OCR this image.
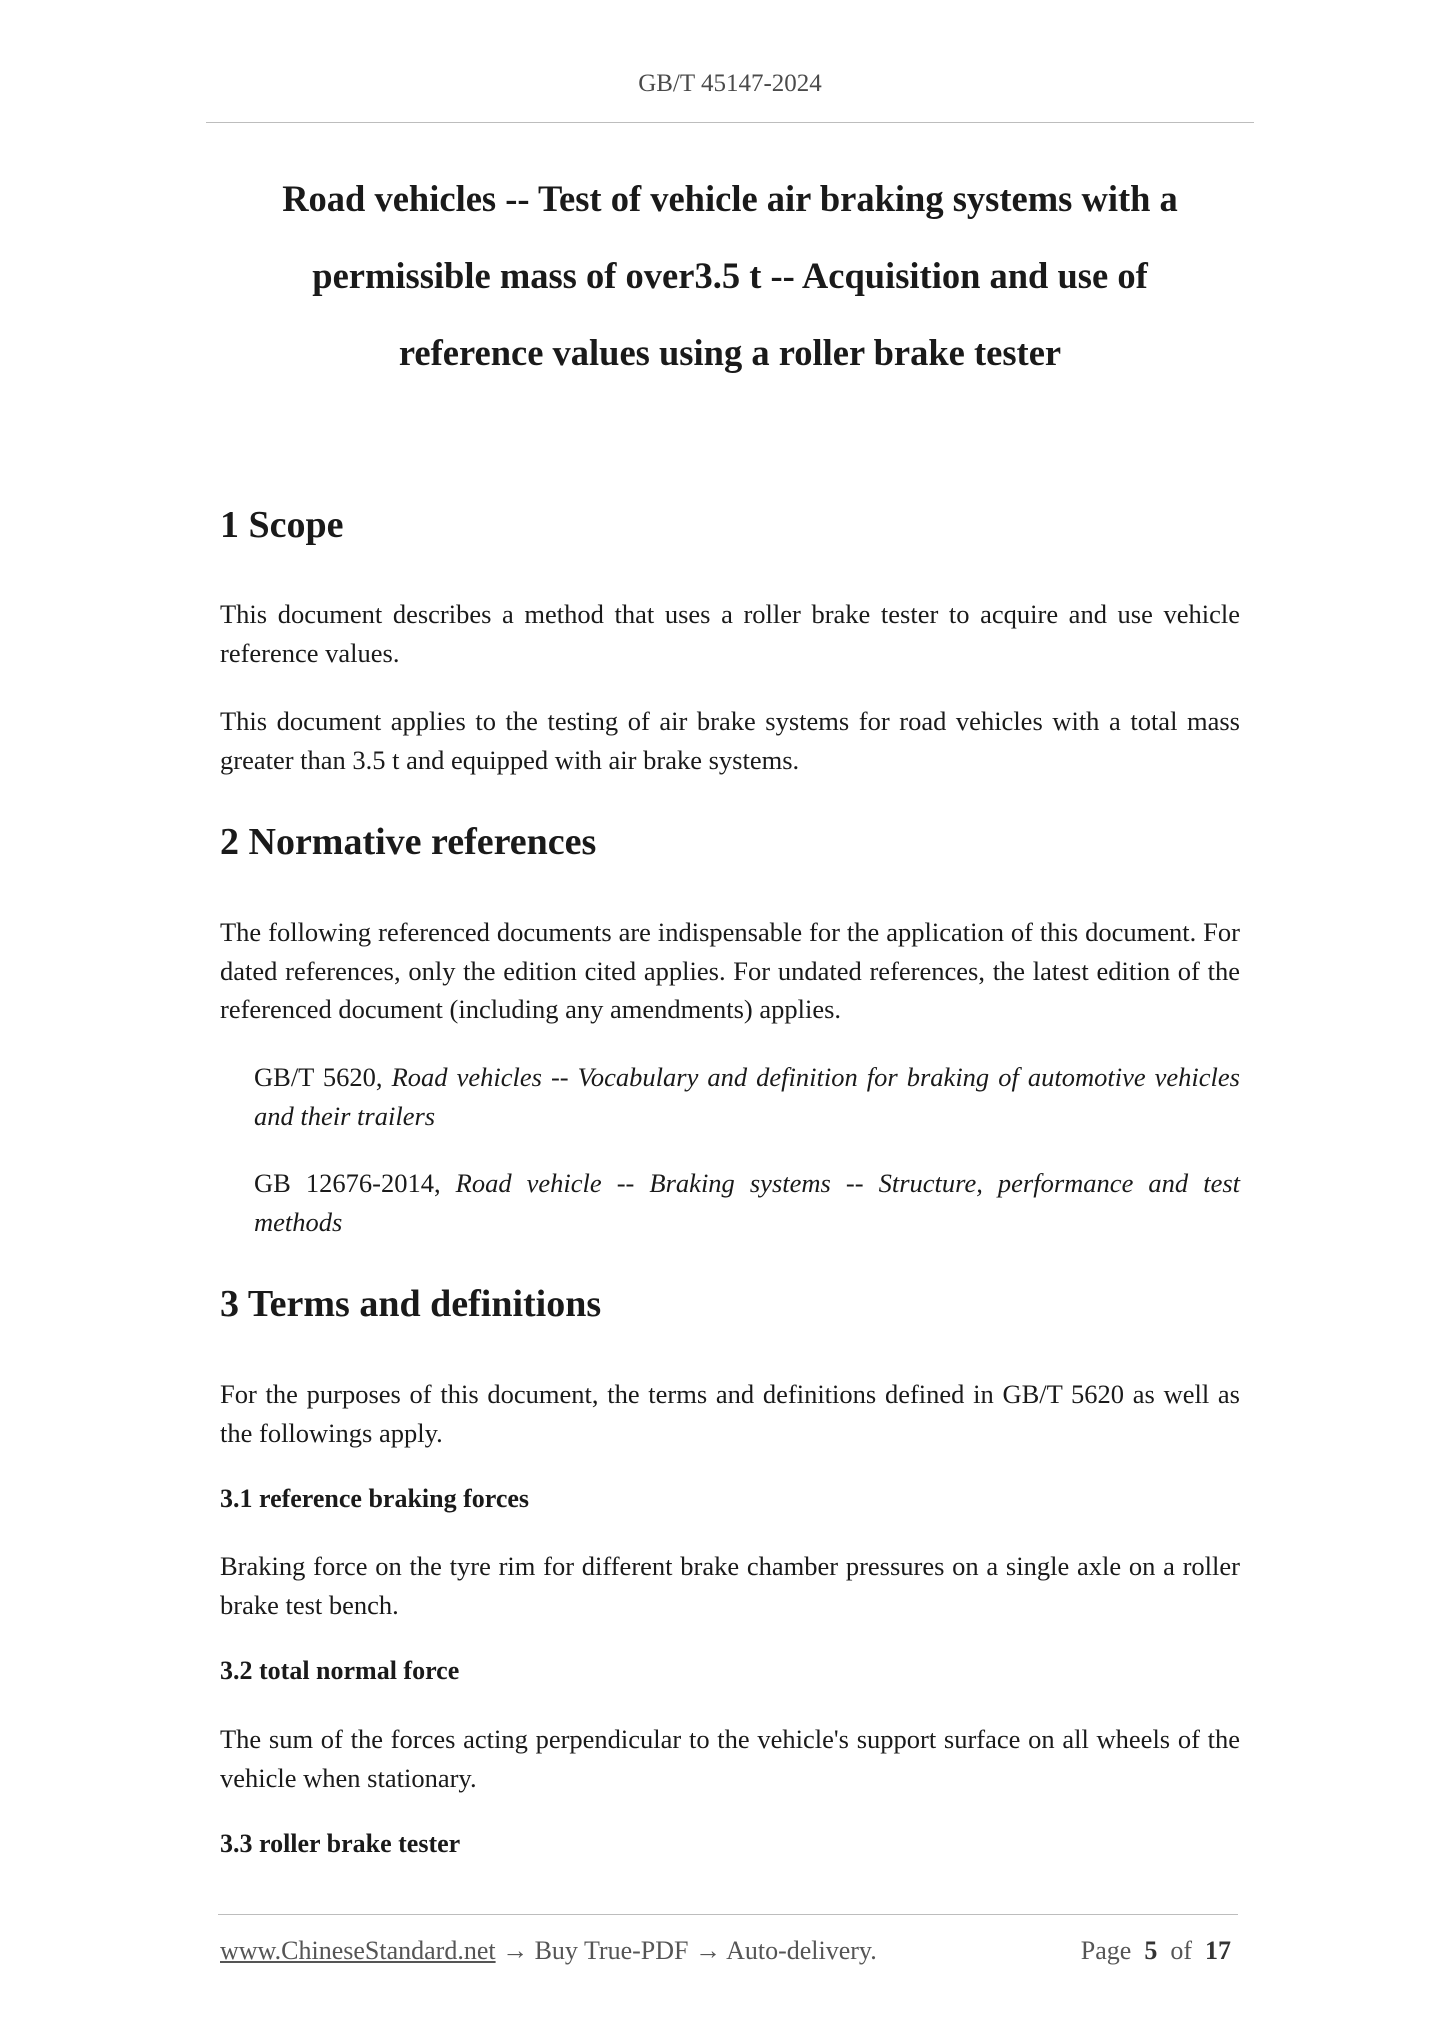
GB/T 45147-2024
Road vehicles -- Test of vehicle air braking systems with a
permissible mass of over3.5 t -- Acquisition and use of
reference values using a roller brake tester
1 Scope

This document describes a method that uses a roller brake tester to acquire and use vehicle reference values.

This document applies to the testing of air brake systems for road vehicles with a total mass greater than 3.5 t and equipped with air brake systems.

2 Normative references

The following referenced documents are indispensable for the application of this document. For dated references, only the edition cited applies. For undated references, the latest edition of the referenced document (including any amendments) applies.

GB/T 5620, Road vehicles -- Vocabulary and definition for braking of automotive vehicles and their trailers

GB 12676-2014, Road vehicle -- Braking systems -- Structure, performance and test methods

3 Terms and definitions

For the purposes of this document, the terms and definitions defined in GB/T 5620 as well as the followings apply.

3.1 reference braking forces

Braking force on the tyre rim for different brake chamber pressures on a single axle on a roller brake test bench.

3.2 total normal force

The sum of the forces acting perpendicular to the vehicle's support surface on all wheels of the vehicle when stationary.

3.3 roller brake tester
www.ChineseStandard.net → Buy True-PDF → Auto-delivery.	Page 5 of 17
